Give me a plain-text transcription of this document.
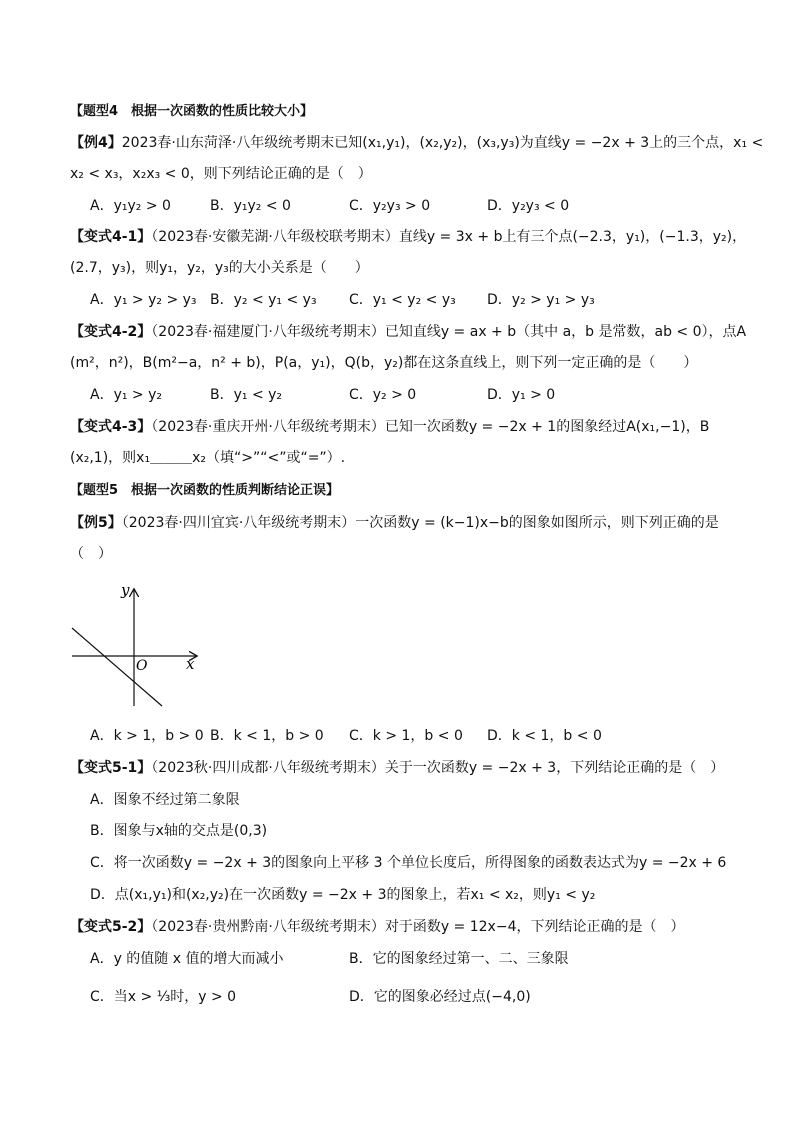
【题型4　根据一次函数的性质比较大小】
【例4】2023春·山东菏泽·八年级统考期末已知(x₁,y₁)，(x₂,y₂)，(x₃,y₃)为直线y = −2x + 3上的三个点，x₁ <
x₂ < x₃，x₂x₃ < 0，则下列结论正确的是（　）
A．y₁y₂ > 0	B．y₁y₂ < 0	C．y₂y₃ > 0	D．y₂y₃ < 0
【变式4-1】（2023春·安徽芜湖·八年级校联考期末）直线y = 3x + b上有三个点(−2.3，y₁)，(−1.3，y₂)，
(2.7，y₃)，则y₁，y₂，y₃的大小关系是（　　）
A．y₁ > y₂ > y₃ B．y₂ < y₁ < y₃ C．y₁ < y₂ < y₃ D．y₂ > y₁ > y₃
【变式4-2】（2023春·福建厦门·八年级统考期末）已知直线y = ax + b（其中 a，b 是常数，ab < 0），点A
(m²，n²)，B(m²−a，n² + b)，P(a，y₁)，Q(b，y₂)都在这条直线上，则下列一定正确的是（　　）
A．y₁ > y₂	B．y₁ < y₂	C．y₂ > 0	D．y₁ > 0
【变式4-3】（2023春·重庆开州·八年级统考期末）已知一次函数y = −2x + 1的图象经过A(x₁,−1)，B
(x₂,1)，则x₁＿＿＿x₂（填“>”“<”或“=”）.
【题型5　根据一次函数的性质判断结论正误】
【例5】（2023春·四川宜宾·八年级统考期末）一次函数y = (k−1)x−b的图象如图所示，则下列正确的是
（　）
y
x
O
A．k > 1，b > 0 B．k < 1，b > 0 C．k > 1，b < 0 D．k < 1，b < 0
【变式5-1】（2023秋·四川成都·八年级统考期末）关于一次函数y = −2x + 3，下列结论正确的是（　）
A．图象不经过第二象限
B．图象与x轴的交点是(0,3)
C．将一次函数y = −2x + 3的图象向上平移 3 个单位长度后，所得图象的函数表达式为y = −2x + 6
D．点(x₁,y₁)和(x₂,y₂)在一次函数y = −2x + 3的图象上，若x₁ < x₂，则y₁ < y₂
【变式5-2】（2023春·贵州黔南·八年级统考期末）对于函数y = 12x−4，下列结论正确的是（　）
A．y 的值随 x 值的增大而减小	B．它的图象经过第一、二、三象限
C．当x > ⅓时，y > 0	D．它的图象必经过点(−4,0)
